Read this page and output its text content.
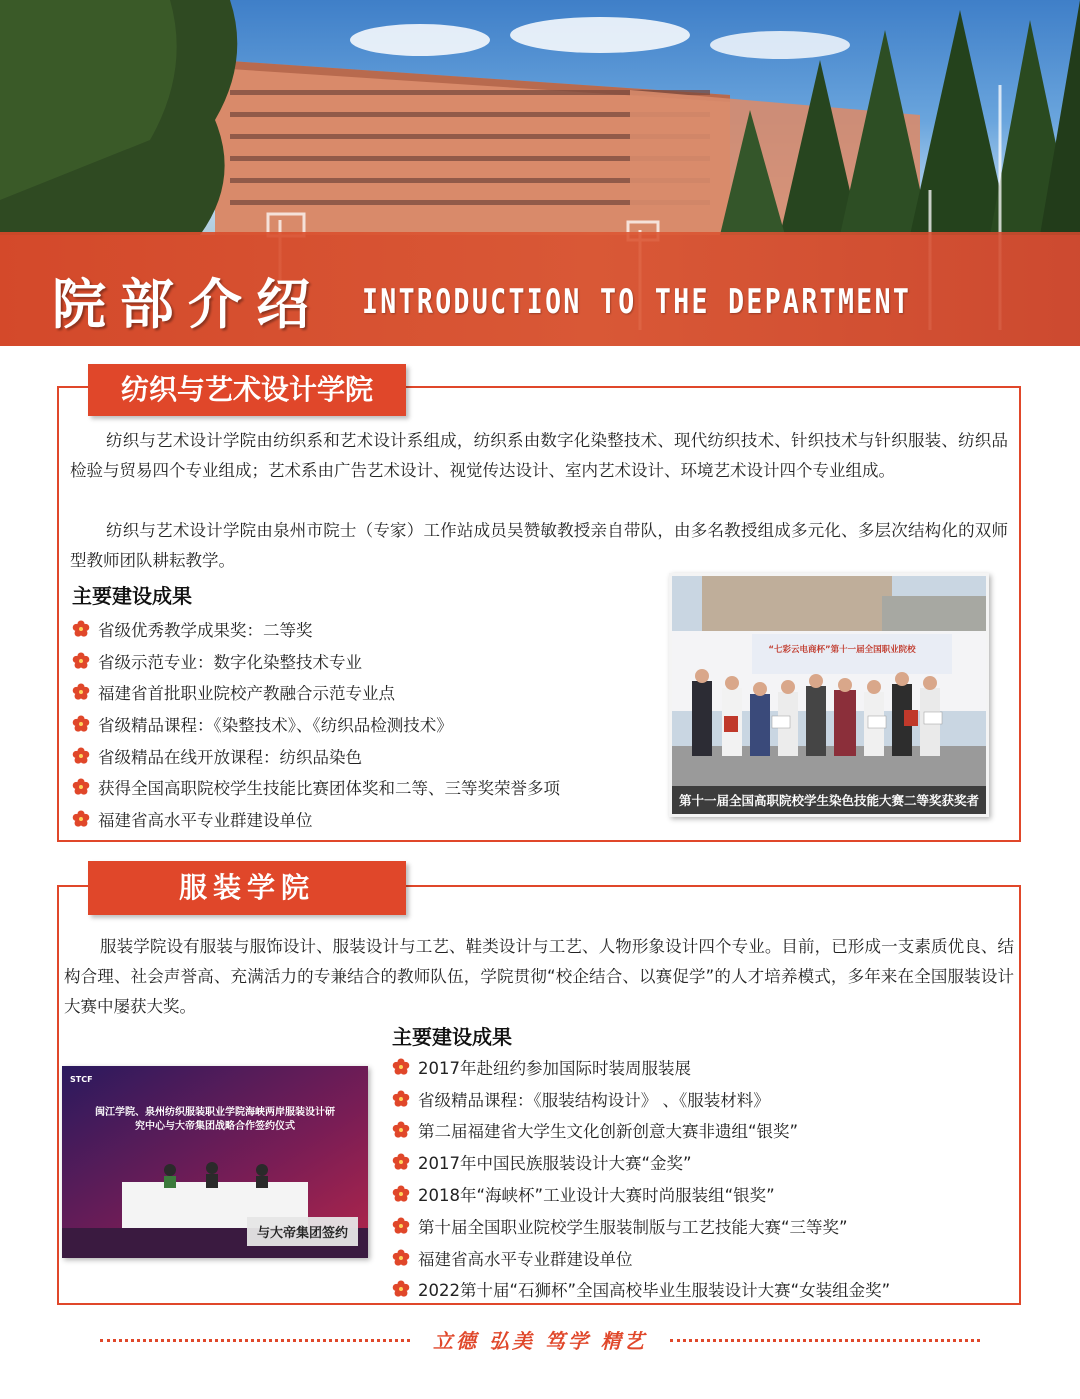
院部介绍 INTRODUCTION TO THE DEPARTMENT
纺织与艺术设计学院

纺织与艺术设计学院由纺织系和艺术设计系组成，纺织系由数字化染整技术、现代纺织技术、针织技术与针织服装、纺织品检验与贸易四个专业组成；艺术系由广告艺术设计、视觉传达设计、室内艺术设计、环境艺术设计四个专业组成。

纺织与艺术设计学院由泉州市院士（专家）工作站成员吴赞敏教授亲自带队，由多名教授组成多元化、多层次结构化的双师型教师团队耕耘教学。

主要建设成果
省级优秀教学成果奖：二等奖
省级示范专业：数字化染整技术专业
福建省首批职业院校产教融合示范专业点
省级精品课程：《染整技术》、《纺织品检测技术》
省级精品在线开放课程：纺织品染色
获得全国高职院校学生技能比赛团体奖和二等、三等奖荣誉多项
福建省高水平专业群建设单位
“七彩云电商杯”第十一届全国职业院校
第十一届全国高职院校学生染色技能大赛二等奖获奖者
服装学院

服装学院设有服装与服饰设计、服装设计与工艺、鞋类设计与工艺、人物形象设计四个专业。目前，已形成一支素质优良、结构合理、社会声誉高、充满活力的专兼结合的教师队伍，学院贯彻“校企结合、以赛促学”的人才培养模式，多年来在全国服装设计大赛中屡获大奖。

主要建设成果
2017年赴纽约参加国际时装周服装展
省级精品课程：《服装结构设计》 、《服装材料》
第二届福建省大学生文化创新创意大赛非遗组“银奖”
2017年中国民族服装设计大赛“金奖”
2018年“海峡杯”工业设计大赛时尚服装组“银奖”
第十届全国职业院校学生服装制版与工艺技能大赛“三等奖”
福建省高水平专业群建设单位
2022第十届“石狮杯”全国高校毕业生服装设计大赛“女装组金奖”
STCF
闽江学院、泉州纺织服装职业学院海峡两岸服装设计研究中心与大帝集团战略合作签约仪式
与大帝集团签约
立德 弘美 笃学 精艺
